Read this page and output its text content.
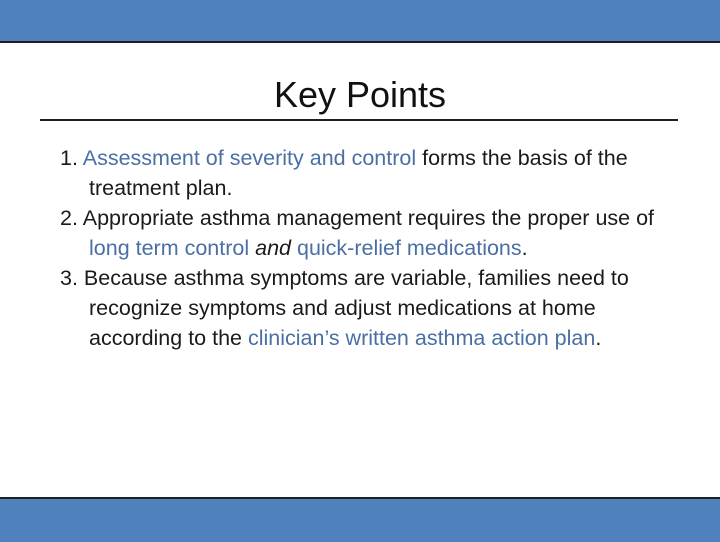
Key Points
1. Assessment of severity and control forms the basis of the treatment plan.
2. Appropriate asthma management requires the proper use of long term control and quick-relief medications.
3. Because asthma symptoms are variable, families need to recognize symptoms and adjust medications at home according to the clinician’s written asthma action plan.
